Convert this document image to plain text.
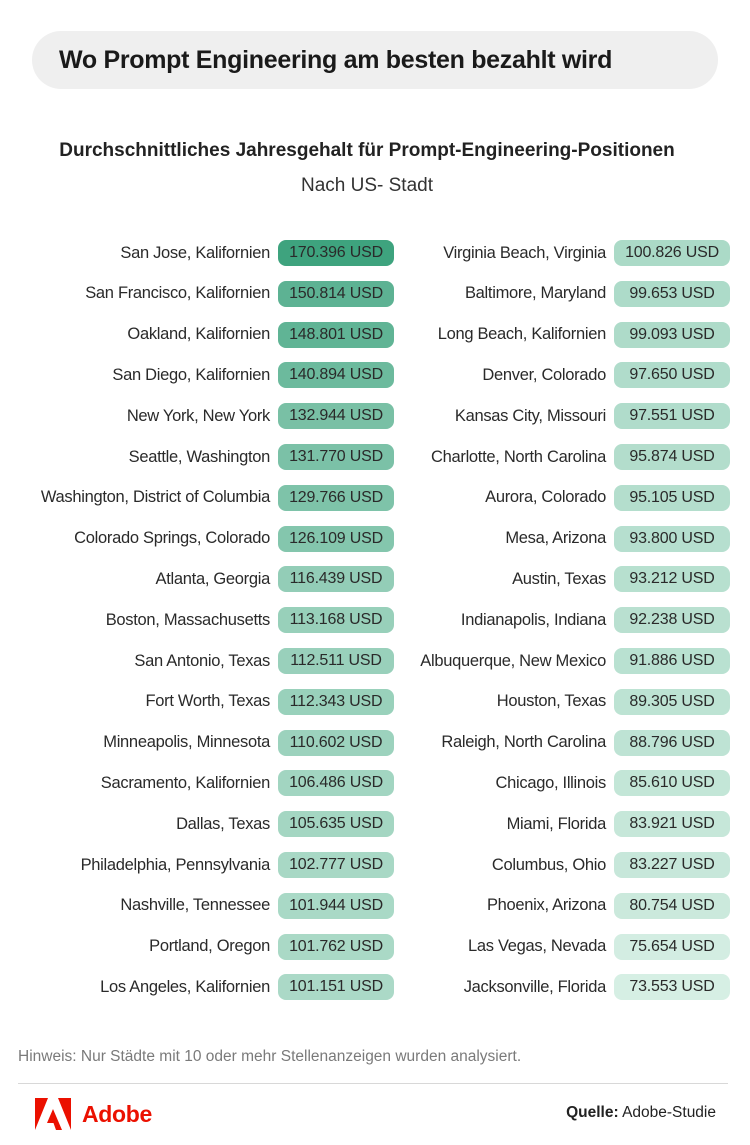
Wo Prompt Engineering am besten bezahlt wird
Durchschnittliches Jahresgehalt für Prompt-Engineering-Positionen
Nach US- Stadt
San Jose, Kalifornien	170.396 USD
San Francisco, Kalifornien	150.814 USD
Oakland, Kalifornien	148.801 USD
San Diego, Kalifornien	140.894 USD
New York, New York	132.944 USD
Seattle, Washington	131.770 USD
Washington, District of Columbia	129.766 USD
Colorado Springs, Colorado	126.109 USD
Atlanta, Georgia	116.439 USD
Boston, Massachusetts	113.168 USD
San Antonio, Texas	112.511 USD
Fort Worth, Texas	112.343 USD
Minneapolis, Minnesota	110.602 USD
Sacramento, Kalifornien	106.486 USD
Dallas, Texas	105.635 USD
Philadelphia, Pennsylvania	102.777 USD
Nashville, Tennessee	101.944 USD
Portland, Oregon	101.762 USD
Los Angeles, Kalifornien	101.151 USD
Virginia Beach, Virginia	100.826 USD
Baltimore, Maryland	99.653 USD
Long Beach, Kalifornien	99.093 USD
Denver, Colorado	97.650 USD
Kansas City, Missouri	97.551 USD
Charlotte, North Carolina	95.874 USD
Aurora, Colorado	95.105 USD
Mesa, Arizona	93.800 USD
Austin, Texas	93.212 USD
Indianapolis, Indiana	92.238 USD
Albuquerque, New Mexico	91.886 USD
Houston, Texas	89.305 USD
Raleigh, North Carolina	88.796 USD
Chicago, Illinois	85.610 USD
Miami, Florida	83.921 USD
Columbus, Ohio	83.227 USD
Phoenix, Arizona	80.754 USD
Las Vegas, Nevada	75.654 USD
Jacksonville, Florida	73.553 USD
Hinweis: Nur Städte mit 10 oder mehr Stellenanzeigen wurden analysiert.
Adobe	Quelle: Adobe-Studie
